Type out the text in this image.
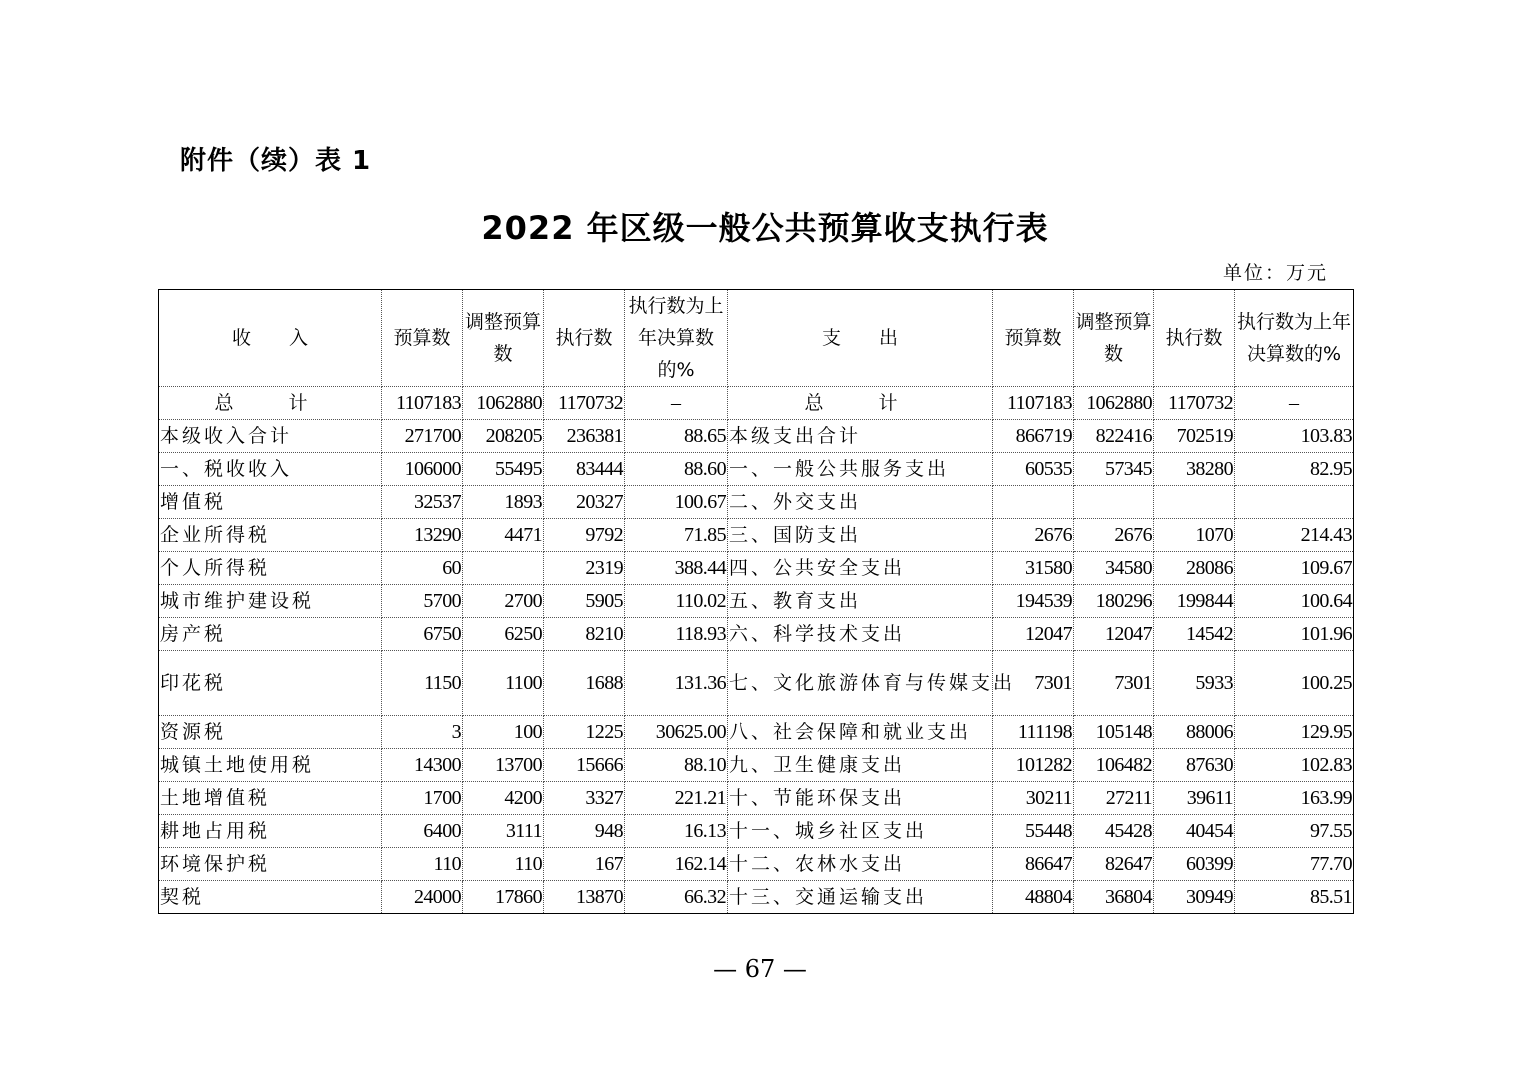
附件（续）表 1
2022 年区级一般公共预算收支执行表
单位：万元
收　　入	预算数	调整预算数	执行数	执行数为上年决算数的%	支　　出	预算数	调整预算数	执行数	执行数为上年决算数的%
总　计	1107183	1062880	1170732	–	总　计	1107183	1062880	1170732	–
本级收入合计	271700	208205	236381	88.65	本级支出合计	866719	822416	702519	103.83
一、税收收入	106000	55495	83444	88.60	一、一般公共服务支出	60535	57345	38280	82.95
增值税	32537	1893	20327	100.67	二、外交支出				
企业所得税	13290	4471	9792	71.85	三、国防支出	2676	2676	1070	214.43
个人所得税	60		2319	388.44	四、公共安全支出	31580	34580	28086	109.67
城市维护建设税	5700	2700	5905	110.02	五、教育支出	194539	180296	199844	100.64
房产税	6750	6250	8210	118.93	六、科学技术支出	12047	12047	14542	101.96
印花税	1150	1100	1688	131.36	七、文化旅游体育与传媒支出	7301	7301	5933	100.25
资源税	3	100	1225	30625.00	八、社会保障和就业支出	111198	105148	88006	129.95
城镇土地使用税	14300	13700	15666	88.10	九、卫生健康支出	101282	106482	87630	102.83
土地增值税	1700	4200	3327	221.21	十、节能环保支出	30211	27211	39611	163.99
耕地占用税	6400	3111	948	16.13	十一、城乡社区支出	55448	45428	40454	97.55
环境保护税	110	110	167	162.14	十二、农林水支出	86647	82647	60399	77.70
契税	24000	17860	13870	66.32	十三、交通运输支出	48804	36804	30949	85.51
— 67 —
